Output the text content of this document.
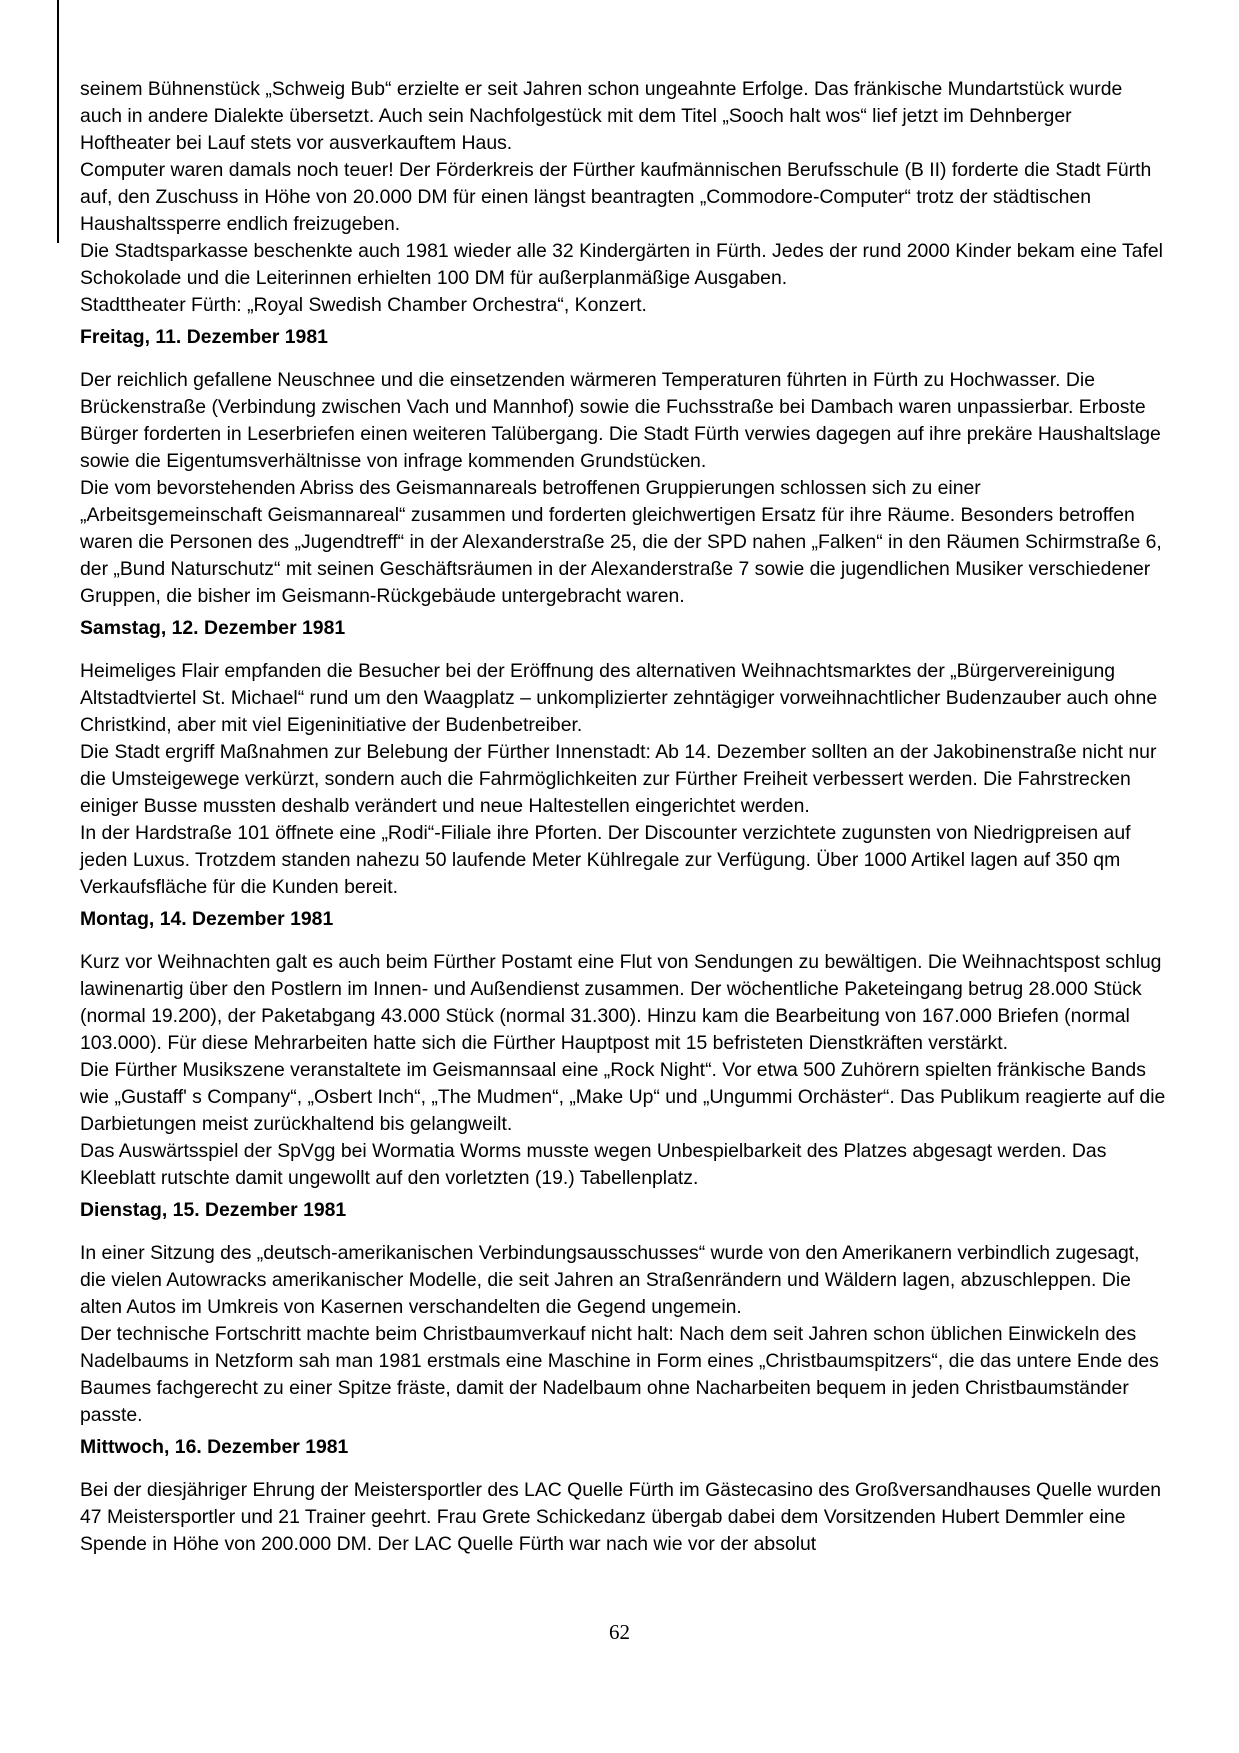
seinem Bühnenstück „Schweig Bub“ erzielte er seit Jahren schon ungeahnte Erfolge. Das fränkische Mundartstück wurde auch in andere Dialekte übersetzt. Auch sein Nachfolgestück mit dem Titel „Sooch halt wos“ lief jetzt im Dehnberger Hoftheater bei Lauf stets vor ausverkauftem Haus.

Computer waren damals noch teuer! Der Förderkreis der Fürther kaufmännischen Berufsschule (B II) forderte die Stadt Fürth auf, den Zuschuss in Höhe von 20.000 DM für einen längst beantragten „Commodore-Computer“ trotz der städtischen Haushaltssperre endlich freizugeben.

Die Stadtsparkasse beschenkte auch 1981 wieder alle 32 Kindergärten in Fürth. Jedes der rund 2000 Kinder bekam eine Tafel Schokolade und die Leiterinnen erhielten 100 DM für außerplanmäßige Ausgaben.

Stadttheater Fürth: „Royal Swedish Chamber Orchestra“, Konzert.

Freitag, 11. Dezember 1981

Der reichlich gefallene Neuschnee und die einsetzenden wärmeren Temperaturen führten in Fürth zu Hochwasser. Die Brückenstraße (Verbindung zwischen Vach und Mannhof) sowie die Fuchsstraße bei Dambach waren unpassierbar. Erboste Bürger forderten in Leserbriefen einen weiteren Talübergang. Die Stadt Fürth verwies dagegen auf ihre prekäre Haushaltslage sowie die Eigentumsverhältnisse von infrage kommenden Grundstücken.

Die vom bevorstehenden Abriss des Geismannareals betroffenen Gruppierungen schlossen sich zu einer „Arbeitsgemeinschaft Geismannareal“ zusammen und forderten gleichwertigen Ersatz für ihre Räume. Besonders betroffen waren die Personen des „Jugendtreff“ in der Alexanderstraße 25, die der SPD nahen „Falken“ in den Räumen Schirmstraße 6, der „Bund Naturschutz“ mit seinen Geschäftsräumen in der Alexanderstraße 7 sowie die jugendlichen Musiker verschiedener Gruppen, die bisher im Geismann-Rückgebäude untergebracht waren.

Samstag, 12. Dezember 1981

Heimeliges Flair empfanden die Besucher bei der Eröffnung des alternativen Weihnachtsmarktes der „Bürgervereinigung Altstadtviertel St. Michael“ rund um den Waagplatz – unkomplizierter zehntägiger vorweihnachtlicher Budenzauber auch ohne Christkind, aber mit viel Eigeninitiative der Budenbetreiber.

Die Stadt ergriff Maßnahmen zur Belebung der Fürther Innenstadt: Ab 14. Dezember sollten an der Jakobinenstraße nicht nur die Umsteigewege verkürzt, sondern auch die Fahrmöglichkeiten zur Fürther Freiheit verbessert werden. Die Fahrstrecken einiger Busse mussten deshalb verändert und neue Haltestellen eingerichtet werden.

In der Hardstraße 101 öffnete eine „Rodi“-Filiale ihre Pforten. Der Discounter verzichtete zugunsten von Niedrigpreisen auf jeden Luxus. Trotzdem standen nahezu 50 laufende Meter Kühlregale zur Verfügung. Über 1000 Artikel lagen auf 350 qm Verkaufsfläche für die Kunden bereit.

Montag, 14. Dezember 1981

Kurz vor Weihnachten galt es auch beim Fürther Postamt eine Flut von Sendungen zu bewältigen. Die Weihnachtspost schlug lawinenartig über den Postlern im Innen- und Außendienst zusammen. Der wöchentliche Paketeingang betrug 28.000 Stück (normal 19.200), der Paketabgang 43.000 Stück (normal 31.300). Hinzu kam die Bearbeitung von 167.000 Briefen (normal 103.000). Für diese Mehrarbeiten hatte sich die Fürther Hauptpost mit 15 befristeten Dienstkräften verstärkt.

Die Fürther Musikszene veranstaltete im Geismannsaal eine „Rock Night“. Vor etwa 500 Zuhörern spielten fränkische Bands wie „Gustaff' s Company“, „Osbert Inch“, „The Mudmen“, „Make Up“ und „Ungummi Orchäster“. Das Publikum reagierte auf die Darbietungen meist zurückhaltend bis gelangweilt.

Das Auswärtsspiel der SpVgg bei Wormatia Worms musste wegen Unbespielbarkeit des Platzes abgesagt werden. Das Kleeblatt rutschte damit ungewollt auf den vorletzten (19.) Tabellenplatz.

Dienstag, 15. Dezember 1981

In einer Sitzung des „deutsch-amerikanischen Verbindungsausschusses“ wurde von den Amerikanern verbindlich zugesagt, die vielen Autowracks amerikanischer Modelle, die seit Jahren an Straßenrändern und Wäldern lagen, abzuschleppen. Die alten Autos im Umkreis von Kasernen verschandelten die Gegend ungemein.

Der technische Fortschritt machte beim Christbaumverkauf nicht halt: Nach dem seit Jahren schon üblichen Einwickeln des Nadelbaums in Netzform sah man 1981 erstmals eine Maschine in Form eines „Christbaumspitzers“, die das untere Ende des Baumes fachgerecht zu einer Spitze fräste, damit der Nadelbaum ohne Nacharbeiten bequem in jeden Christbaumständer passte.

Mittwoch, 16. Dezember 1981

Bei der diesjähriger Ehrung der Meistersportler des LAC Quelle Fürth im Gästecasino des Großversandhauses Quelle wurden 47 Meistersportler und 21 Trainer geehrt. Frau Grete Schickedanz übergab dabei dem Vorsitzenden Hubert Demmler eine Spende in Höhe von 200.000 DM. Der LAC Quelle Fürth war nach wie vor der absolut

62
